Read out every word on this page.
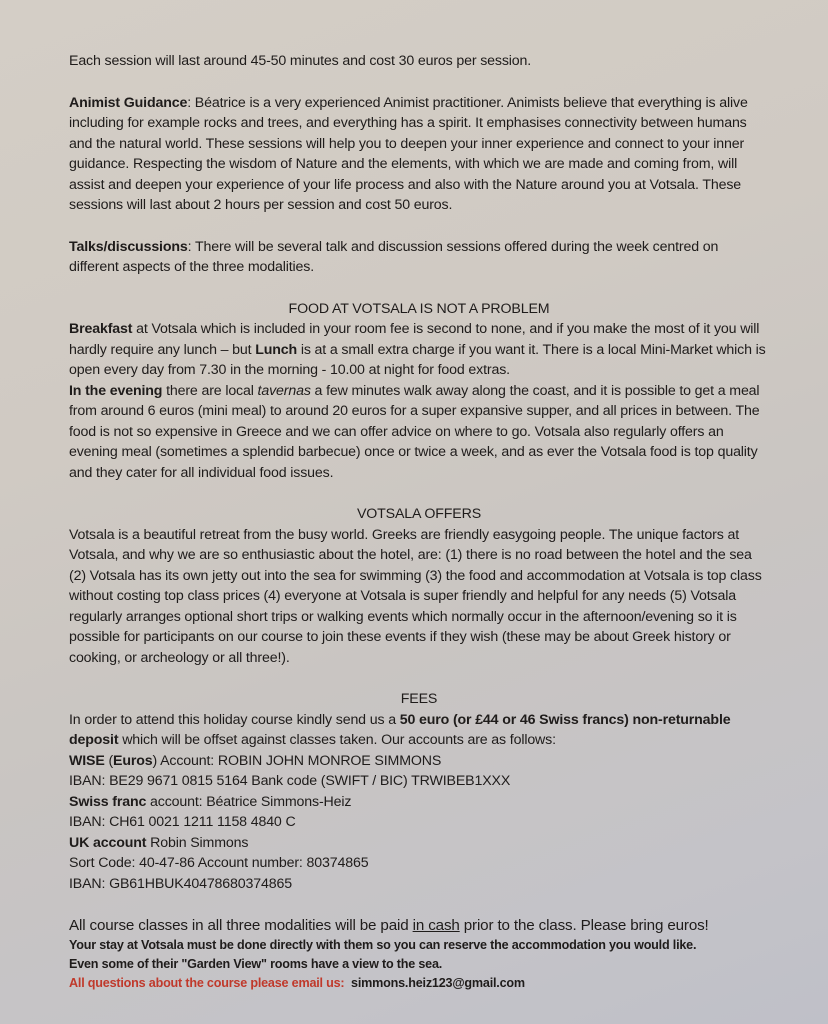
Each session will last around 45-50 minutes and cost 30 euros per session.

Animist Guidance: Béatrice is a very experienced Animist practitioner. Animists believe that everything is alive including for example rocks and trees, and everything has a spirit. It emphasises connectivity between humans and the natural world. These sessions will help you to deepen your inner experience and connect to your inner guidance. Respecting the wisdom of Nature and the elements, with which we are made and coming from, will assist and deepen your experience of your life process and also with the Nature around you at Votsala. These sessions will last about 2 hours per session and cost 50 euros.

Talks/discussions: There will be several talk and discussion sessions offered during the week centred on different aspects of the three modalities.

FOOD AT VOTSALA IS NOT A PROBLEM

Breakfast at Votsala which is included in your room fee is second to none, and if you make the most of it you will hardly require any lunch – but Lunch is at a small extra charge if you want it. There is a local Mini-Market which is open every day from 7.30 in the morning - 10.00 at night for food extras.

In the evening there are local tavernas a few minutes walk away along the coast, and it is possible to get a meal from around 6 euros (mini meal) to around 20 euros for a super expansive supper, and all prices in between. The food is not so expensive in Greece and we can offer advice on where to go. Votsala also regularly offers an evening meal (sometimes a splendid barbecue) once or twice a week, and as ever the Votsala food is top quality and they cater for all individual food issues.

VOTSALA OFFERS

Votsala is a beautiful retreat from the busy world. Greeks are friendly easygoing people. The unique factors at Votsala, and why we are so enthusiastic about the hotel, are: (1) there is no road between the hotel and the sea (2) Votsala has its own jetty out into the sea for swimming (3) the food and accommodation at Votsala is top class without costing top class prices (4) everyone at Votsala is super friendly and helpful for any needs (5) Votsala regularly arranges optional short trips or walking events which normally occur in the afternoon/evening so it is possible for participants on our course to join these events if they wish (these may be about Greek history or cooking, or archeology or all three!).

FEES

In order to attend this holiday course kindly send us a 50 euro (or £44 or 46 Swiss francs) non-returnable deposit which will be offset against classes taken. Our accounts are as follows:

WISE (Euros) Account: ROBIN JOHN MONROE SIMMONS

IBAN: BE29 9671 0815 5164 Bank code (SWIFT / BIC) TRWIBEB1XXX

Swiss franc account: Béatrice Simmons-Heiz

IBAN: CH61 0021 1211 1158 4840 C

UK account Robin Simmons

Sort Code: 40-47-86 Account number: 80374865

IBAN: GB61HBUK40478680374865

All course classes in all three modalities will be paid in cash prior to the class. Please bring euros!

Your stay at Votsala must be done directly with them so you can reserve the accommodation you would like.

Even some of their "Garden View" rooms have a view to the sea.

All questions about the course please email us: simmons.heiz123@gmail.com
